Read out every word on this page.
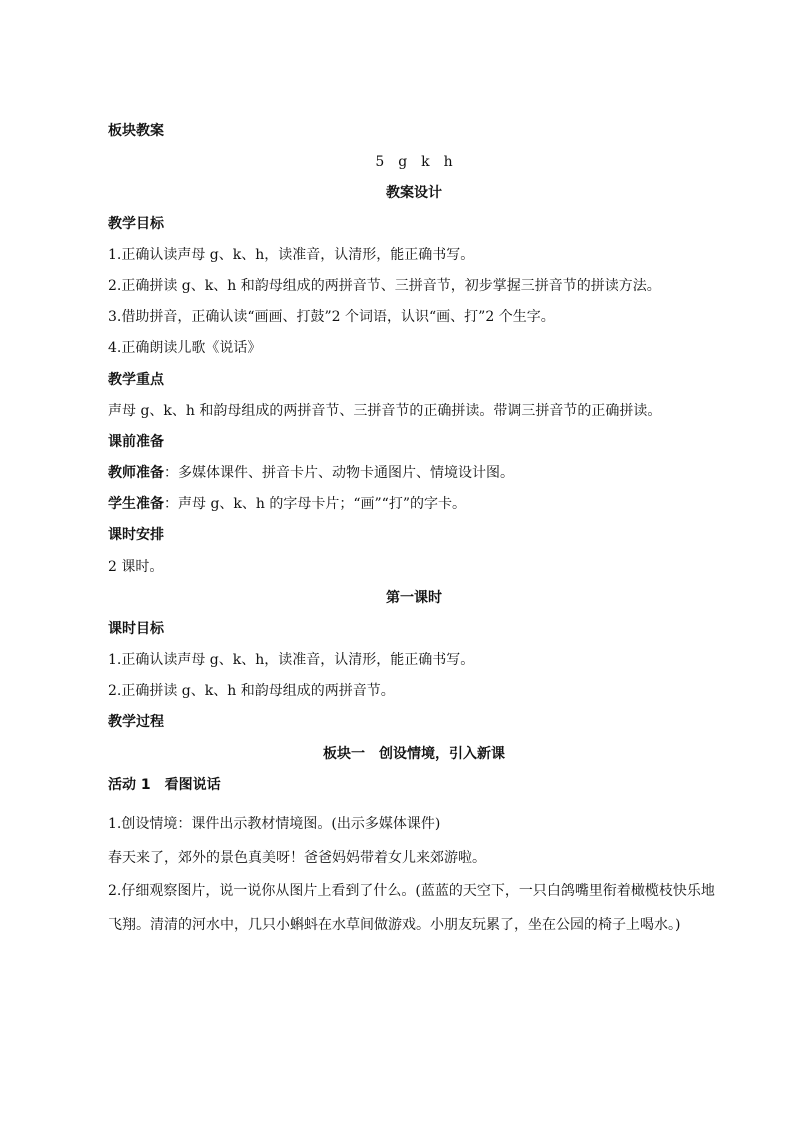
板块教案
5　g　k　h
教案设计
教学目标
1.正确认读声母 g、k、h，读准音，认清形，能正确书写。
2.正确拼读 g、k、h 和韵母组成的两拼音节、三拼音节，初步掌握三拼音节的拼读方法。
3.借助拼音，正确认读“画画、打鼓”2 个词语，认识“画、打”2 个生字。
4.正确朗读儿歌《说话》
教学重点
声母 g、k、h 和韵母组成的两拼音节、三拼音节的正确拼读。带调三拼音节的正确拼读。
课前准备
教师准备：多媒体课件、拼音卡片、动物卡通图片、情境设计图。
学生准备：声母 g、k、h 的字母卡片；“画”“打”的字卡。
课时安排
2 课时。
第一课时
课时目标
1.正确认读声母 g、k、h，读准音，认清形，能正确书写。
2.正确拼读 g、k、h 和韵母组成的两拼音节。
教学过程
板块一　创设情境，引入新课
活动 1　看图说话
1.创设情境：课件出示教材情境图。(出示多媒体课件)
春天来了，郊外的景色真美呀！爸爸妈妈带着女儿来郊游啦。
2.仔细观察图片，说一说你从图片上看到了什么。(蓝蓝的天空下，一只白鸽嘴里衔着橄榄枝快乐地飞翔。清清的河水中，几只小蝌蚪在水草间做游戏。小朋友玩累了，坐在公园的椅子上喝水。)
